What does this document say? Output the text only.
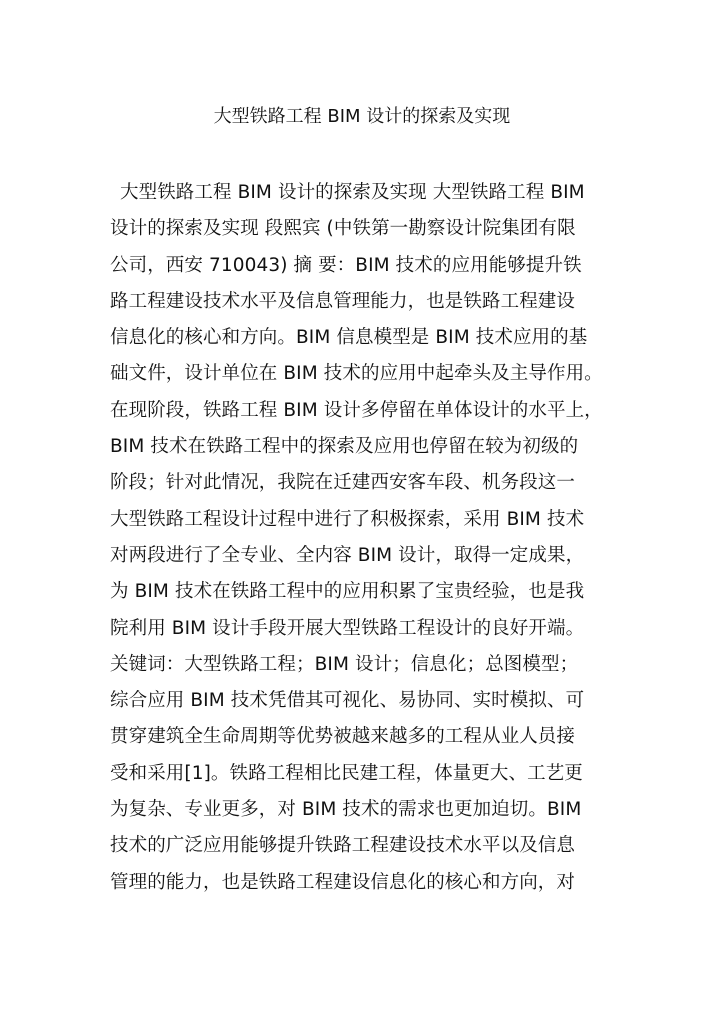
大型铁路工程 BIM 设计的探索及实现
大型铁路工程 BIM 设计的探索及实现 大型铁路工程 BIM
设计的探索及实现 段熙宾 (中铁第一勘察设计院集团有限
公司，西安 710043) 摘 要：BIM 技术的应用能够提升铁
路工程建设技术水平及信息管理能力，也是铁路工程建设
信息化的核心和方向。BIM 信息模型是 BIM 技术应用的基
础文件，设计单位在 BIM 技术的应用中起牵头及主导作用。
在现阶段，铁路工程 BIM 设计多停留在单体设计的水平上，
BIM 技术在铁路工程中的探索及应用也停留在较为初级的
阶段；针对此情况，我院在迁建西安客车段、机务段这一
大型铁路工程设计过程中进行了积极探索，采用 BIM 技术
对两段进行了全专业、全内容 BIM 设计，取得一定成果，
为 BIM 技术在铁路工程中的应用积累了宝贵经验，也是我
院利用 BIM 设计手段开展大型铁路工程设计的良好开端。
关键词：大型铁路工程；BIM 设计；信息化；总图模型；
综合应用 BIM 技术凭借其可视化、易协同、实时模拟、可
贯穿建筑全生命周期等优势被越来越多的工程从业人员接
受和采用[1]。铁路工程相比民建工程，体量更大、工艺更
为复杂、专业更多，对 BIM 技术的需求也更加迫切。BIM
技术的广泛应用能够提升铁路工程建设技术水平以及信息
管理的能力，也是铁路工程建设信息化的核心和方向，对
